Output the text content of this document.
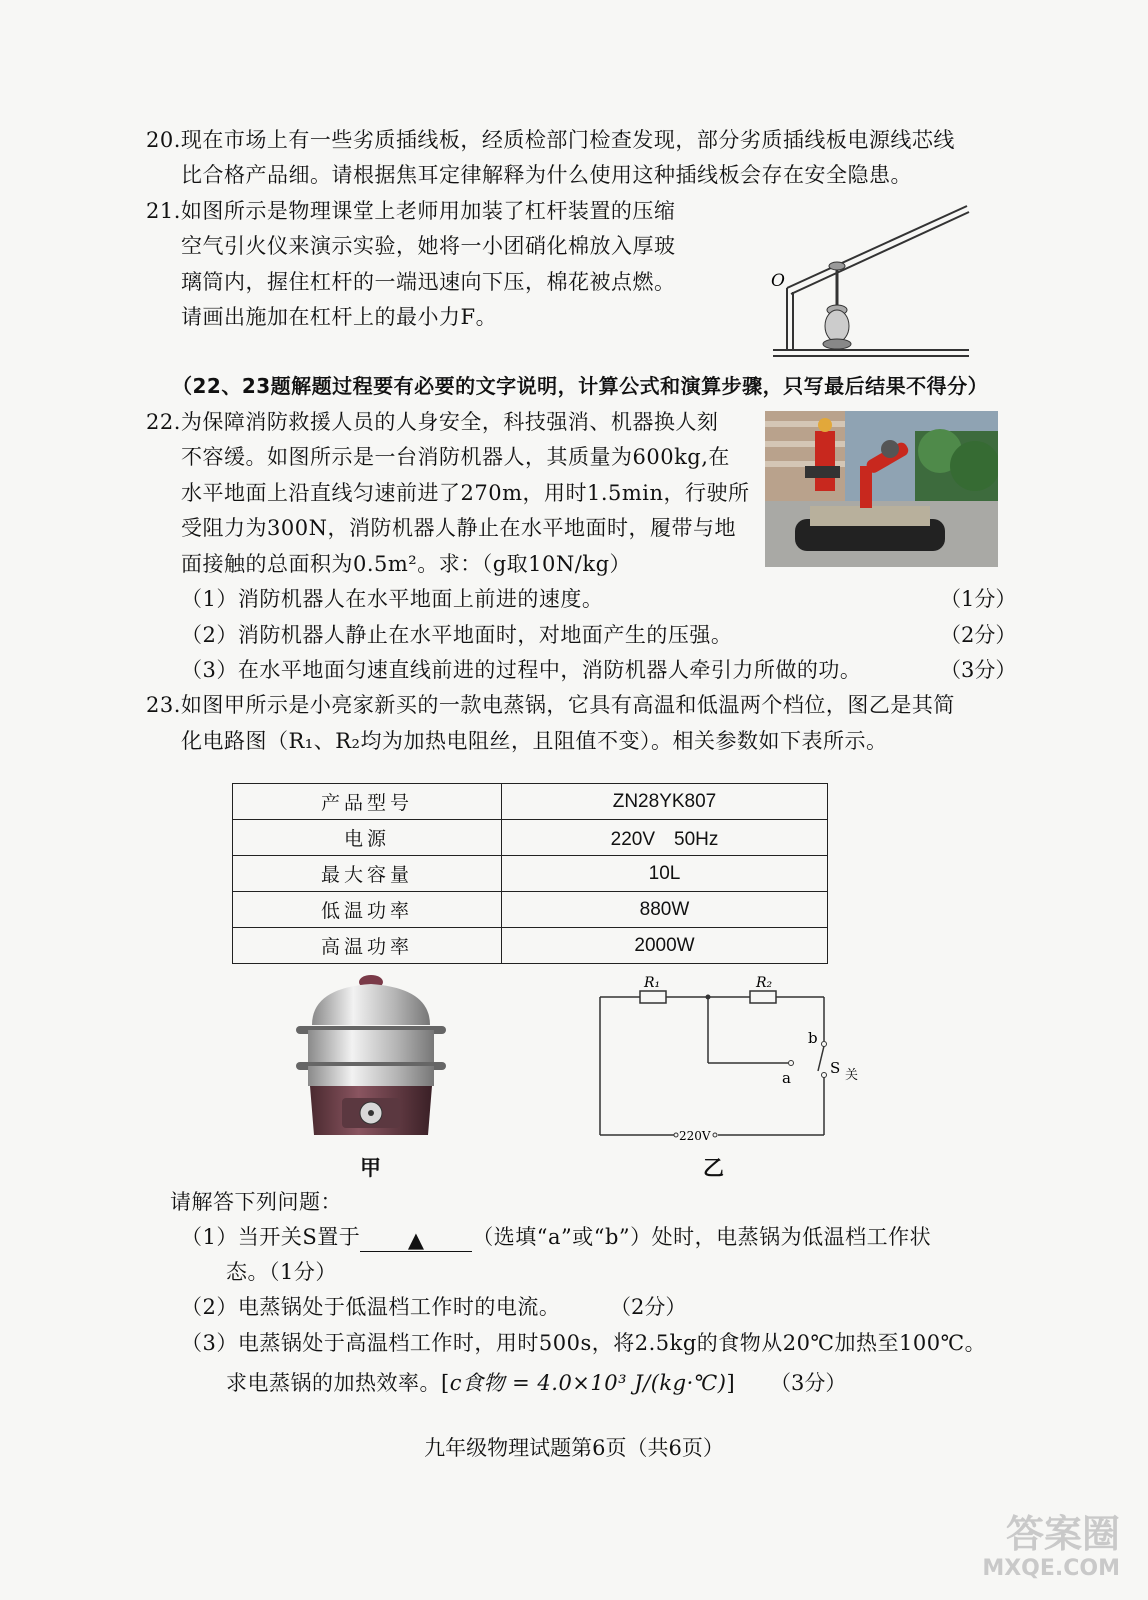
20.现在市场上有一些劣质插线板，经质检部门检查发现，部分劣质插线板电源线芯线
比合格产品细。请根据焦耳定律解释为什么使用这种插线板会存在安全隐患。
21.如图所示是物理课堂上老师用加装了杠杆装置的压缩
空气引火仪来演示实验，她将一小团硝化棉放入厚玻
璃筒内，握住杠杆的一端迅速向下压，棉花被点燃。
请画出施加在杠杆上的最小力F。
O
（22、23题解题过程要有必要的文字说明，计算公式和演算步骤，只写最后结果不得分）
22.为保障消防救援人员的人身安全，科技强消、机器换人刻
不容缓。如图所示是一台消防机器人，其质量为600kg,在
水平地面上沿直线匀速前进了270m，用时1.5min，行驶所
受阻力为300N，消防机器人静止在水平地面时，履带与地
面接触的总面积为0.5m²。求：（g取10N/kg）
（1）消防机器人在水平地面上前进的速度。	（1分）
（2）消防机器人静止在水平地面时，对地面产生的压强。	（2分）
（3）在水平地面匀速直线前进的过程中，消防机器人牵引力所做的功。	（3分）
23.如图甲所示是小亮家新买的一款电蒸锅，它具有高温和低温两个档位，图乙是其简
化电路图（R₁、R₂均为加热电阻丝，且阻值不变）。相关参数如下表所示。
产品型号	ZN28YK807
电源	220V　50Hz
最大容量	10L
低温功率	880W
高温功率	2000W
甲
R₁	R₂
b
a
S 关
220V
乙
请解答下列问题：
（1）当开关S置于 ▲ （选填“a”或“b”）处时，电蒸锅为低温档工作状
态。（1分）
（2）电蒸锅处于低温档工作时的电流。 （2分）
（3）电蒸锅处于高温档工作时，用时500s，将2.5kg的食物从20℃加热至100℃。
求电蒸锅的加热效率。[c食物 = 4.0×10³ J/(kg·℃)] （3分）
九年级物理试题第6页（共6页）
答案圈
MXQE.COM
